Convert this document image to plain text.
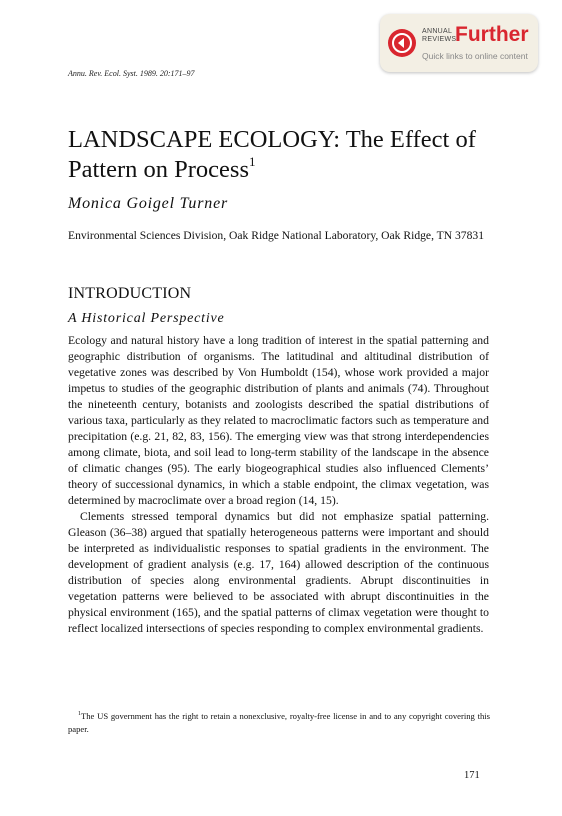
ANNUAL
REVIEWS
Further
Quick links to online content
Annu. Rev. Ecol. Syst. 1989. 20:171–97
LANDSCAPE ECOLOGY: The Effect of Pattern on Process$^1$
Monica Goigel Turner
Environmental Sciences Division, Oak Ridge National Laboratory, Oak Ridge, TN 37831
INTRODUCTION
A Historical Perspective

Ecology and natural history have a long tradition of interest in the spatial patterning and geographic distribution of organisms. The latitudinal and altitudinal distribution of vegetative zones was described by Von Humboldt (154), whose work provided a major impetus to studies of the geographic distribution of plants and animals (74). Throughout the nineteenth century, botanists and zoologists described the spatial distributions of various taxa, particularly as they related to macroclimatic factors such as temperature and precipitation (e.g. 21, 82, 83, 156). The emerging view was that strong interdependencies among climate, biota, and soil lead to long-term stability of the landscape in the absence of climatic changes (95). The early biogeographical studies also influenced Clements’ theory of successional dynamics, in which a stable endpoint, the climax vegetation, was determined by macroclimate over a broad region (14, 15).

Clements stressed temporal dynamics but did not emphasize spatial patterning. Gleason (36–38) argued that spatially heterogeneous patterns were important and should be interpreted as individualistic responses to spatial gradients in the environment. The development of gradient analysis (e.g. 17, 164) allowed description of the continuous distribution of species along environmental gradients. Abrupt discontinuities in vegetation patterns were believed to be associated with abrupt discontinuities in the physical environment (165), and the spatial patterns of climax vegetation were thought to reflect localized intersections of species responding to complex environmental gradients.

$^1$The US government has the right to retain a nonexclusive, royalty-free license in and to any copyright covering this paper.
171
